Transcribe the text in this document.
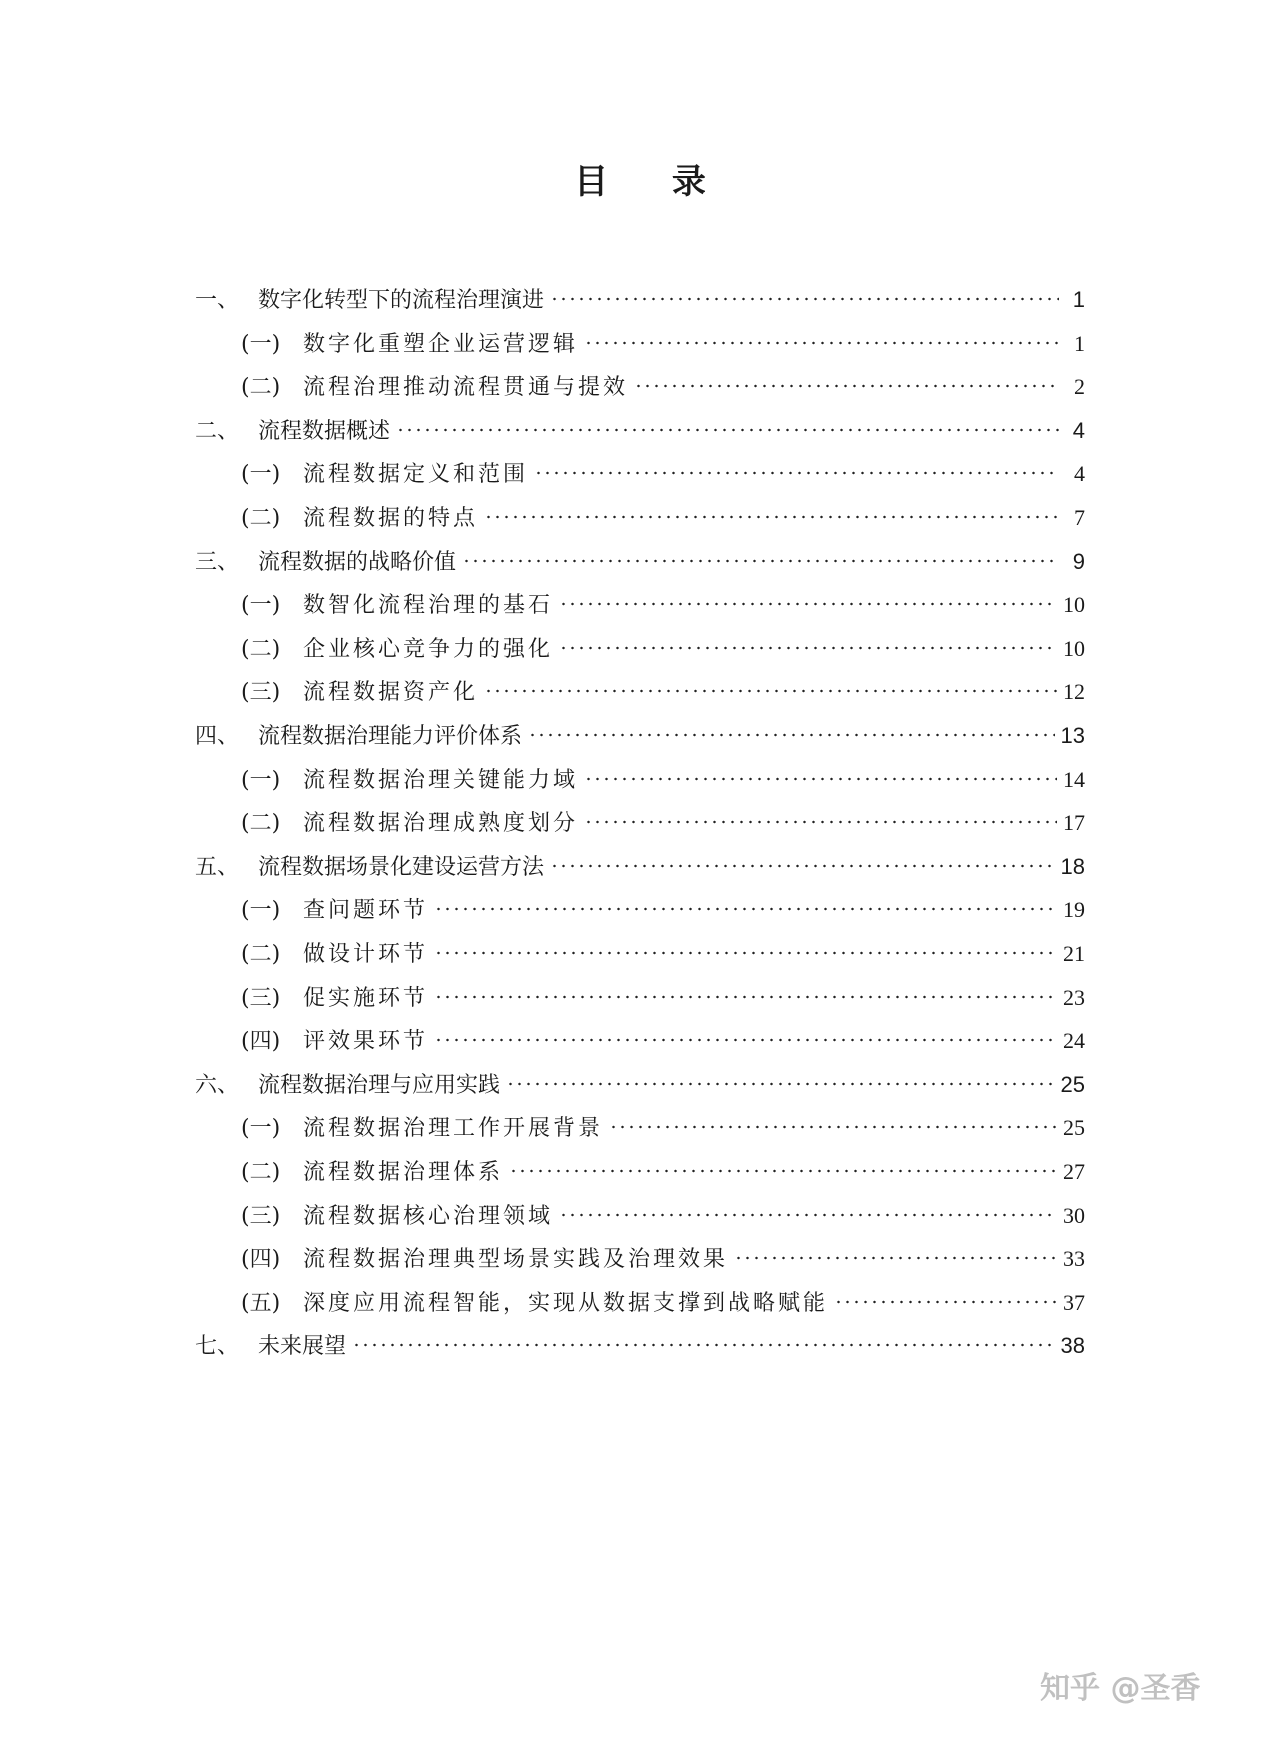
目 录
一、 数字化转型下的流程治理演进	1
(一)	数字化重塑企业运营逻辑	1
(二)	流程治理推动流程贯通与提效	2
二、 流程数据概述	4
(一)	流程数据定义和范围	4
(二)	流程数据的特点	7
三、 流程数据的战略价值	9
(一)	数智化流程治理的基石	10
(二)	企业核心竞争力的强化	10
(三)	流程数据资产化	12
四、 流程数据治理能力评价体系	13
(一)	流程数据治理关键能力域	14
(二)	流程数据治理成熟度划分	17
五、 流程数据场景化建设运营方法	18
(一)	查问题环节	19
(二)	做设计环节	21
(三)	促实施环节	23
(四)	评效果环节	24
六、 流程数据治理与应用实践	25
(一)	流程数据治理工作开展背景	25
(二)	流程数据治理体系	27
(三)	流程数据核心治理领域	30
(四)	流程数据治理典型场景实践及治理效果	33
(五)	深度应用流程智能，实现从数据支撑到战略赋能	37
七、 未来展望	38
知乎 @圣香
